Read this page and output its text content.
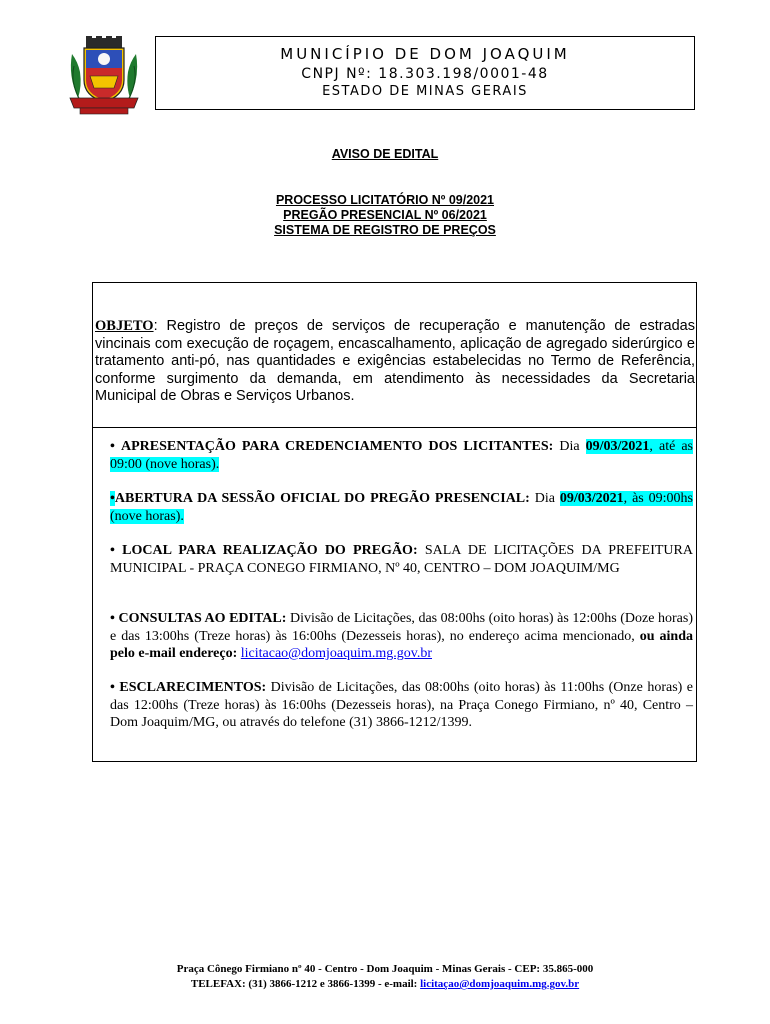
MUNICÍPIO DE DOM JOAQUIM
CNPJ Nº: 18.303.198/0001-48
ESTADO DE MINAS GERAIS
AVISO DE EDITAL
PROCESSO LICITATÓRIO Nº 09/2021
PREGÃO PRESENCIAL Nº 06/2021
SISTEMA DE REGISTRO DE PREÇOS
OBJETO: Registro de preços de serviços de recuperação e manutenção de estradas vincinais com execução de roçagem, encascalhamento, aplicação de agregado siderúrgico e tratamento anti-pó, nas quantidades e exigências estabelecidas no Termo de Referência, conforme surgimento da demanda, em atendimento às necessidades da Secretaria Municipal de Obras e Serviços Urbanos.
• APRESENTAÇÃO PARA CREDENCIAMENTO DOS LICITANTES: Dia 09/03/2021, até as 09:00 (nove horas).
•ABERTURA DA SESSÃO OFICIAL DO PREGÃO PRESENCIAL: Dia 09/03/2021, às 09:00hs (nove horas).
• LOCAL PARA REALIZAÇÃO DO PREGÃO: SALA DE LICITAÇÕES DA PREFEITURA MUNICIPAL - PRAÇA CONEGO FIRMIANO, Nº 40, CENTRO – DOM JOAQUIM/MG
• CONSULTAS AO EDITAL: Divisão de Licitações, das 08:00hs (oito horas) às 12:00hs (Doze horas) e das 13:00hs (Treze horas) às 16:00hs (Dezesseis horas), no endereço acima mencionado, ou ainda pelo e-mail endereço: licitacao@domjoaquim.mg.gov.br
• ESCLARECIMENTOS: Divisão de Licitações, das 08:00hs (oito horas) às 11:00hs (Onze horas) e das 12:00hs (Treze horas) às 16:00hs (Dezesseis horas), na Praça Conego Firmiano, nº 40, Centro – Dom Joaquim/MG, ou através do telefone (31) 3866-1212/1399.
Praça Cônego Firmiano nº 40 - Centro - Dom Joaquim - Minas Gerais - CEP: 35.865-000
TELEFAX: (31) 3866-1212 e 3866-1399 - e-mail: licitaçao@domjoaquim.mg.gov.br
